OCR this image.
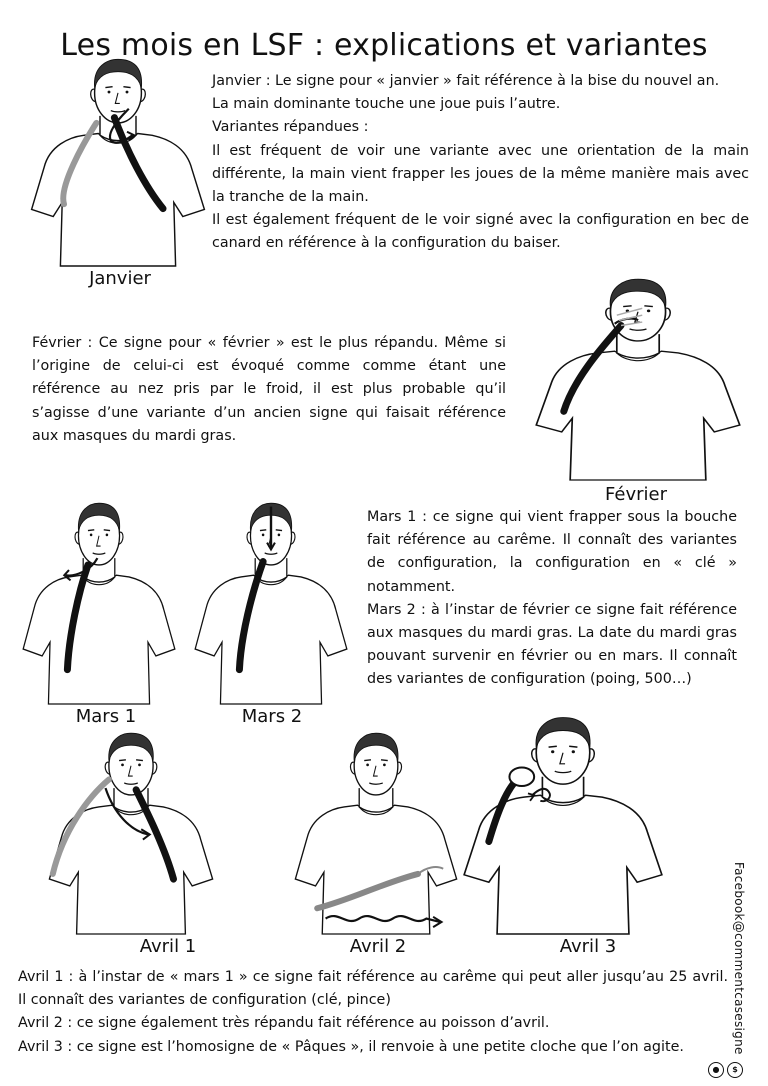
Les mois en LSF : explications et variantes
Janvier

Janvier : Le signe pour « janvier » fait référence à la bise du nouvel an.

La main dominante touche une joue puis l’autre.

Variantes répandues :

Il est fréquent de voir une variante avec une orientation de la main différente, la main vient frapper les joues de la même manière mais avec la tranche de la main.

Il est également fréquent de le voir signé avec la configuration en bec de canard en référence à la configuration du baiser.

Février : Ce signe pour « février » est le plus répandu. Même si l’origine de celui-ci est évoqué comme comme étant une référence au nez pris par le froid, il est plus probable qu’il s’agisse d’une variante d’un ancien signe qui faisait référence aux masques du mardi gras.
Février
Mars 1	Mars 2

Mars 1 : ce signe qui vient frapper sous la bouche fait référence au carême. Il connaît des variantes de configuration, la configuration en « clé » notamment.

Mars 2 : à l’instar de février ce signe fait référence aux masques du mardi gras. La date du mardi gras pouvant survenir en février ou en mars. Il connaît des variantes de configuration (poing, 500…)

Avril 1	Avril 2	Avril 3

Avril 1 : à l’instar de « mars 1 » ce signe fait référence au carême qui peut aller jusqu’au 25 avril. Il connaît des variantes de configuration (clé, pince)

Avril 2 : ce signe également très répandu fait référence au poisson d’avril.

Avril 3 : ce signe est l’homosigne de « Pâques », il renvoie à une petite cloche que l’on agite.	Facebook@commentcasesigne
●	$
